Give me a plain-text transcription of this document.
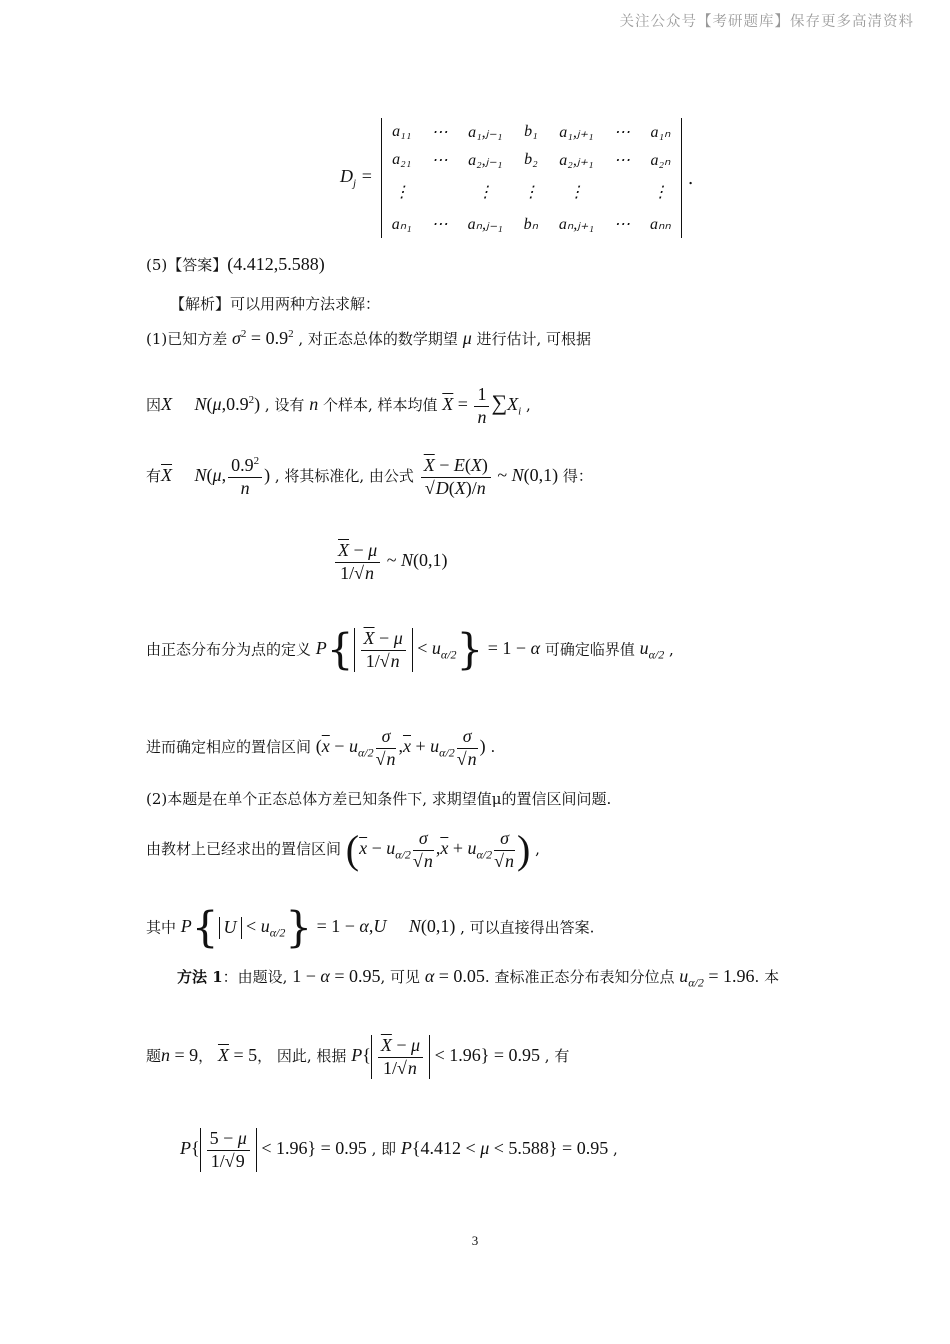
关注公众号【考研题库】保存更多高清资料
$D_j$ =
a₁₁	⋯	a₁,ⱼ₋₁	b₁	a₁,ⱼ₊₁	⋯	a₁ₙ
a₂₁	⋯	a₂,ⱼ₋₁	b₂	a₂,ⱼ₊₁	⋯	a₂ₙ
⋮		⋮	⋮	⋮		⋮
aₙ₁	⋯	aₙ,ⱼ₋₁	bₙ	aₙ,ⱼ₊₁	⋯	aₙₙ
.
(5)【答案】(4.412,5.588)
【解析】可以用两种方法求解：
(1)已知方差 $\sigma^2 = 0.9^2$ , 对正态总体的数学期望 μ 进行估计, 可根据
因X N(μ,0.9$^2$) , 设有 n 个样本, 样本均值 $\overline{X} = \frac{1}{n} \sum X_i$ ,
有$\overline{X}$ N(μ, $\frac{0.9^2}{n}$ ) , 将其标准化, 由公式 $\frac{\overline{X} - E(X)}{√D(X)/n}$ ~ N(0,1) 得：
$\frac{\overline{X} - \mu}{1/√n}$ ~ N(0,1)
由正态分布分为点的定义 $P\{ \frac{\overline{X} - \mu}{1/√n} < u_{\alpha/2}\} = 1 - \alpha$ 可确定临界值 $u_{\alpha/2}$ ,
进而确定相应的置信区间 ($\overline{x} - u_{\alpha/2} \frac{\sigma}{√n} ,\overline{x} + u_{\alpha/2} \frac{\sigma}{√n}$ ) .
(2)本题是在单个正态总体方差已知条件下, 求期望值μ的置信区间问题.
由教材上已经求出的置信区间 ($\overline{x} - u_{\alpha/2} \frac{\sigma}{√n} ,\overline{x} + u_{\alpha/2} \frac{\sigma}{√n}$ ) ,
其中 P{ $U < u_{\alpha/2}\} = 1 - \alpha,U$ N(0,1) , 可以直接得出答案.
方法 1：由题设, 1 − α = 0.95, 可见 α = 0.05. 查标准正态分布表知分位点 $u_{\alpha/2} = 1.96$. 本
题n = 9， $\overline{X} = 5$， 因此, 根据 $P\{ \frac{\overline{X} - \mu}{1/√n} < 1.96\} = 0.95$ , 有
$P\{ \frac{5 - \mu}{1/√9} < 1.96\} = 0.95$ , 即 P{4.412 < μ < 5.588} = 0.95 ,
3
